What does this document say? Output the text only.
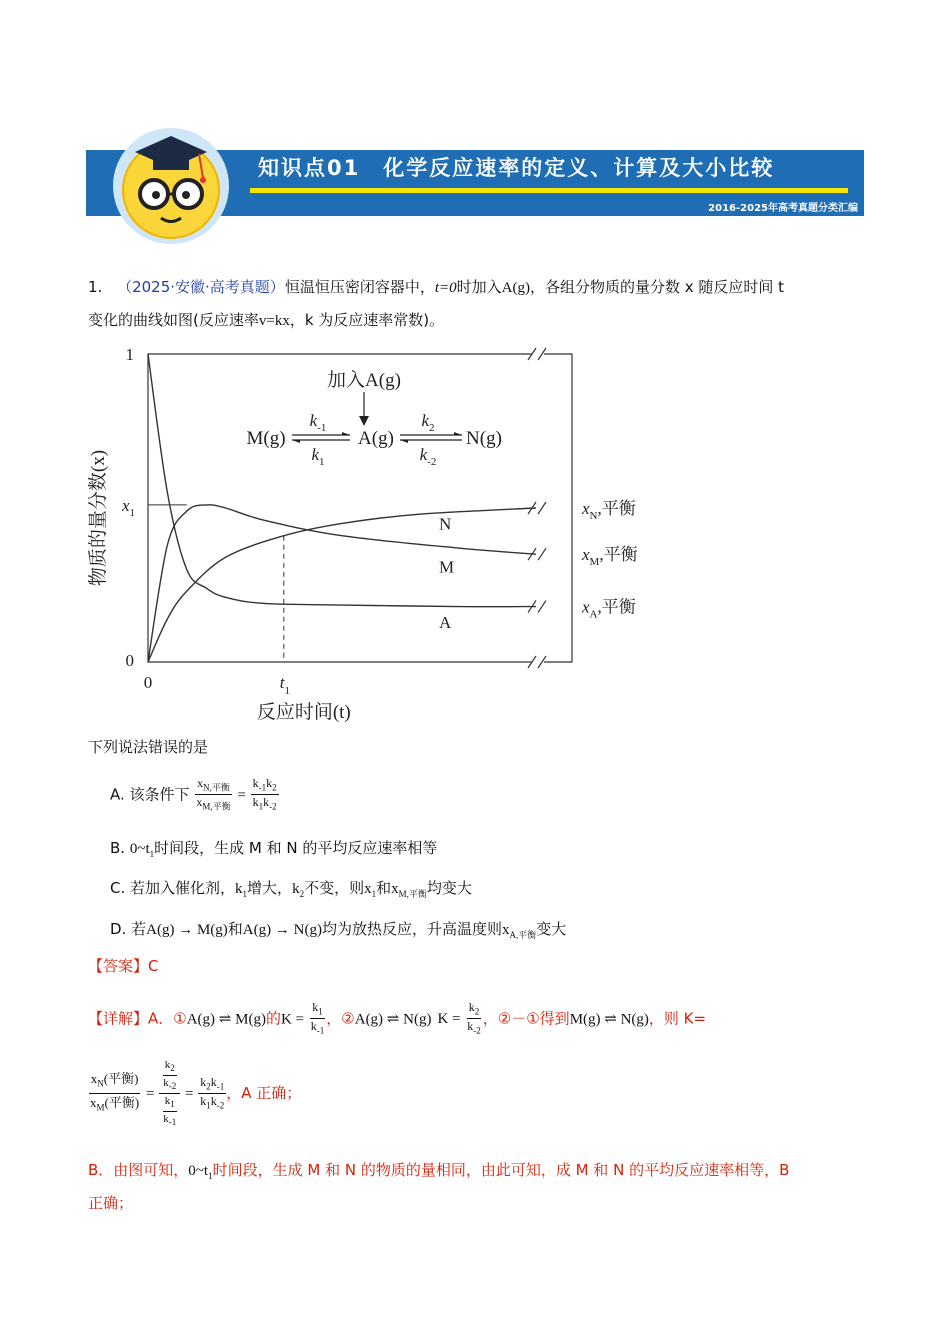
知识点01　化学反应速率的定义、计算及大小比较
2016-2025年高考真题分类汇编
1. （2025·安徽·高考真题）恒温恒压密闭容器中，t=0时加入A(g)，各组分物质的量分数 x 随反应时间 t
变化的曲线如图(反应速率v=kx，k 为反应速率常数)。
N
M
A
$x_N$,平衡
$x_M$,平衡
$x_A$,平衡
0
1
$x_1$
0	$t_1$
反应时间(t)
物质的量分数(x)
加入A(g)
M(g)	A(g)	N(g)
$k_{-1}$
$k_1$
$k_2$
$k_{-2}$
下列说法错误的是
A. 该条件下 $\frac{x_{N,平衡}}{x_{M,平衡}} = \frac{k_{-1}k_2}{k_1k_{-2}}$
B. $0\sim t_1$时间段，生成 M 和 N 的平均反应速率相等
C. 若加入催化剂，$k_1$增大，$k_2$不变，则$x_1$和$x_{M,平衡}$均变大
D. 若A(g) → M(g)和A(g) → N(g)均为放热反应，升高温度则$x_{A,平衡}$变大
【答案】C
【详解】A．①A(g) ⇌ M(g)的$K = \frac{k_1}{k_{-1}}$ ，②A(g) ⇌ N(g) $K = \frac{k_2}{k_{-2}}$ ，②－①得到M(g) ⇌ N(g)，则 K=
$\frac{x_N(平衡)}{x_M(平衡)} = \frac{\frac{k_2}{k_{-2}}}{\frac{k_1}{k_{-1}}} = \frac{k_2k_{-1}}{k_1k_{-2}}$ ，A 正确；
B．由图可知，$0\sim t_1$时间段，生成 M 和 N 的物质的量相同，由此可知，成 M 和 N 的平均反应速率相等，B
正确；
